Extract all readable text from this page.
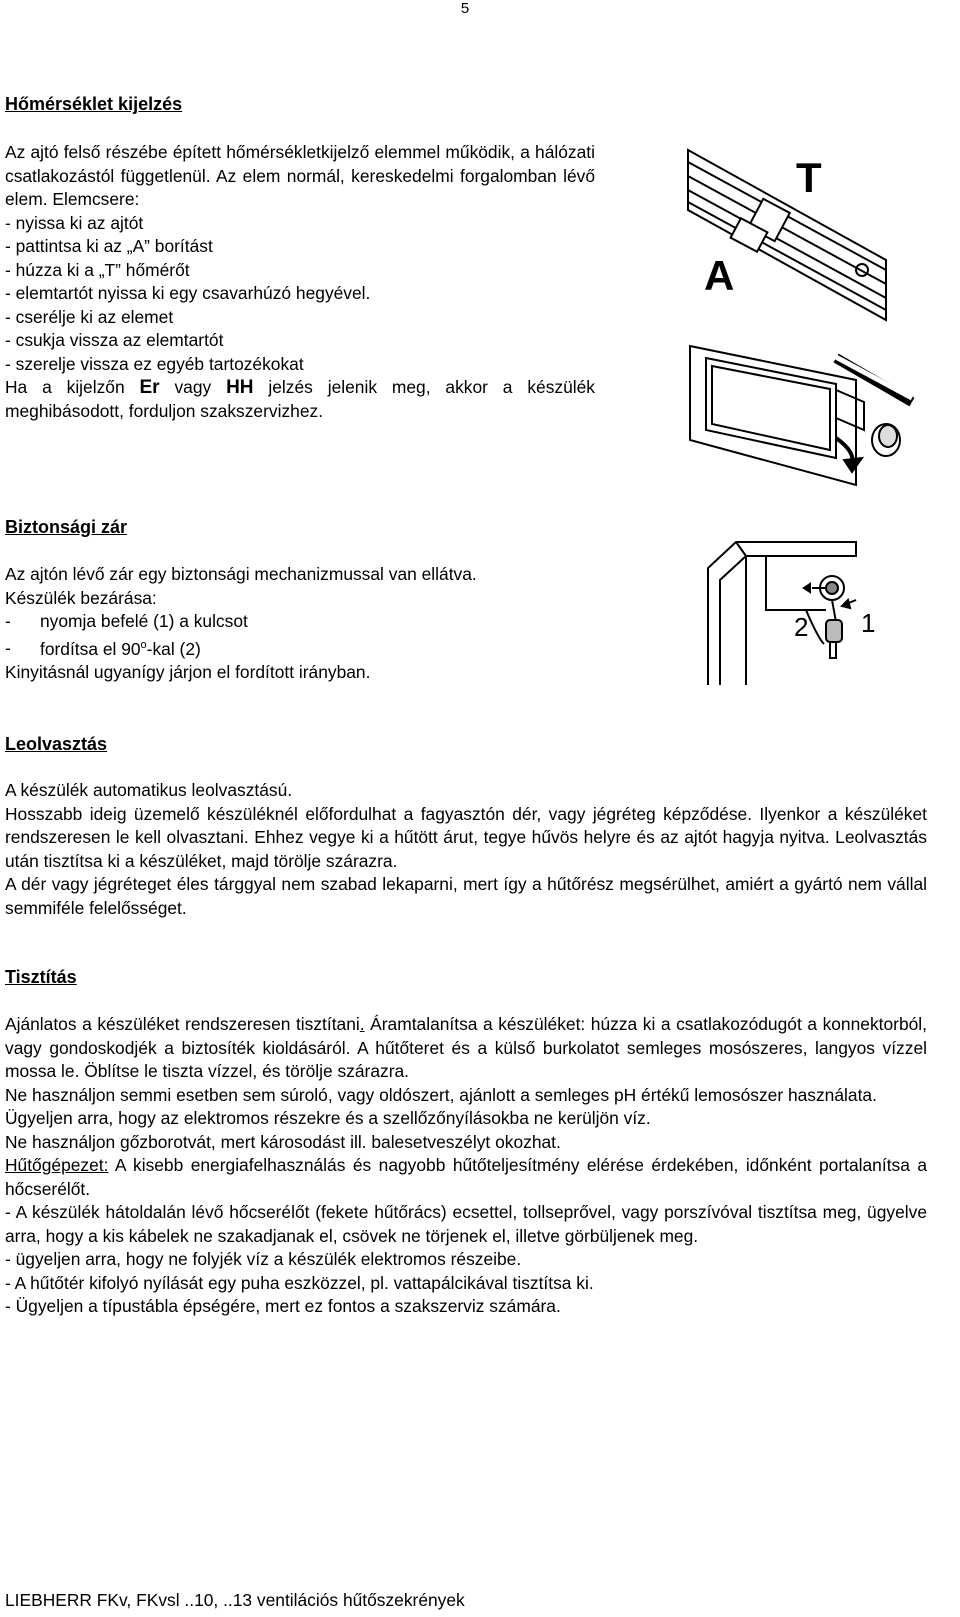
5
Hőmérséklet kijelzés

Az ajtó felső részébe épített hőmérsékletkijelző elemmel működik, a hálózati csatlakozástól függetlenül. Az elem normál, kereskedelmi forgalomban lévő elem. Elemcsere:

- nyissa ki az ajtót

- pattintsa ki az „A” borítást

- húzza ki a „T” hőmérőt

- elemtartót nyissa ki egy csavarhúzó hegyével.

- cserélje ki az elemet

- csukja vissza az elemtartót

- szerelje vissza ez egyéb tartozékokat

Ha a kijelzőn Er vagy HH jelzés jelenik meg, akkor a készülék meghibásodott, forduljon szakszervizhez.

T
A
Biztonsági zár

Az ajtón lévő zár egy biztonsági mechanizmussal van ellátva.

Készülék bezárása:

- nyomja befelé (1) a kulcsot

- fordítsa el 90$^o$-kal (2)

Kinyitásnál ugyanígy járjon el fordított irányban.

1
2
Leolvasztás

A készülék automatikus leolvasztású.

Hosszabb ideig üzemelő készüléknél előfordulhat a fagyasztón dér, vagy jégréteg képződése. Ilyenkor a készüléket rendszeresen le kell olvasztani. Ehhez vegye ki a hűtött árut, tegye hűvös helyre és az ajtót hagyja nyitva. Leolvasztás után tisztítsa ki a készüléket, majd törölje szárazra.

A dér vagy jégréteget éles tárggyal nem szabad lekaparni, mert így a hűtőrész megsérülhet, amiért a gyártó nem vállal semmiféle felelősséget.

Tisztítás

Ajánlatos a készüléket rendszeresen tisztítani. Áramtalanítsa a készüléket: húzza ki a csatlakozódugót a konnektorból, vagy gondoskodjék a biztosíték kioldásáról. A hűtőteret és a külső burkolatot semleges mosószeres, langyos vízzel mossa le. Öblítse le tiszta vízzel, és törölje szárazra.

Ne használjon semmi esetben sem súroló, vagy oldószert, ajánlott a semleges pH értékű lemosószer használata.

Ügyeljen arra, hogy az elektromos részekre és a szellőzőnyílásokba ne kerüljön víz.

Ne használjon gőzborotvát, mert károsodást ill. balesetveszélyt okozhat.

Hűtőgépezet: A kisebb energiafelhasználás és nagyobb hűtőteljesítmény elérése érdekében, időnként portalanítsa a hőcserélőt.

- A készülék hátoldalán lévő hőcserélőt (fekete hűtőrács) ecsettel, tollseprővel, vagy porszívóval tisztítsa meg, ügyelve arra, hogy a kis kábelek ne szakadjanak el, csövek ne törjenek el, illetve görbüljenek meg.

- ügyeljen arra, hogy ne folyjék víz a készülék elektromos részeibe.

- A hűtőtér kifolyó nyílását egy puha eszközzel, pl. vattapálcikával tisztítsa ki.

- Ügyeljen a típustábla épségére, mert ez fontos a szakszerviz számára.

LIEBHERR FKv, FKvsl ..10, ..13 ventilációs hűtőszekrények
